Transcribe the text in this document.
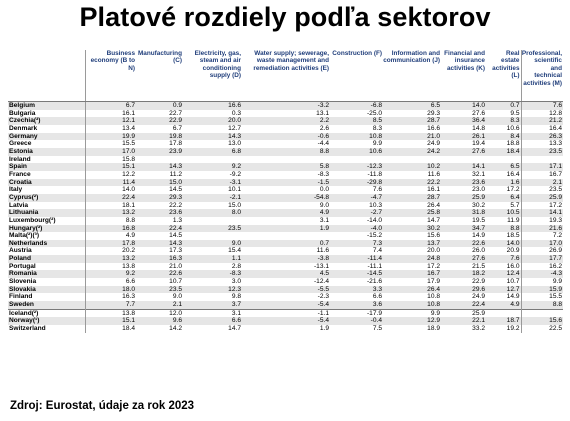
Platové rozdiely podľa sektorov
	Business economy (B to N)	Manufacturing (C)	Electricity, gas, steam and air conditioning supply (D)	Water supply; sewerage, waste management and remediation activities (E)	Construction (F)	Information and communication (J)	Financial and insurance activities (K)	Real estate activities (L)	Professional, scientific and technical activities (M)
Belgium	6.7	0.9	16.6	-3.2	-6.8	6.5	14.0	0.7	7.6
Bulgaria	16.1	22.7	0.3	13.1	-25.0	29.3	27.6	9.5	12.8
Czechia(²)	12.1	22.9	20.0	2.2	8.5	28.7	36.4	8.3	21.2
Denmark	13.4	6.7	12.7	2.6	8.3	16.6	14.8	10.6	16.4
Germany	19.9	19.8	14.3	-0.6	10.8	21.0	26.1	8.4	26.3
Greece	15.5	17.8	13.0	-4.4	9.9	24.9	19.4	18.8	13.3
Estonia	17.0	23.9	6.8	8.8	10.6	24.2	27.6	18.4	23.5
Ireland	15.8								
Spain	15.1	14.3	9.2	5.8	-12.3	10.2	14.1	6.5	17.1
France	12.2	11.2	-9.2	-8.3	-11.8	11.6	32.1	16.4	16.7
Croatia	11.4	15.0	-3.1	-1.5	-29.8	22.2	23.6	1.6	2.1
Italy	14.0	14.5	10.1	0.0	7.6	16.1	23.0	17.2	23.5
Cyprus(²)	22.4	29.3	-2.1	-54.8	-4.7	28.7	25.9	6.4	25.9
Latvia	18.1	22.2	15.0	9.0	10.3	26.4	30.2	5.7	17.2
Lithuania	13.2	23.6	8.0	4.9	-2.7	25.8	31.8	10.5	14.1
Luxembourg(²)	8.8	1.3		3.1	-14.0	14.7	19.5	11.9	19.3
Hungary(²)	16.8	22.4	23.5	1.9	-4.0	30.2	34.7	8.8	21.6
Malta(²)(³)	4.9	14.5			-15.2	15.6	14.9	18.5	7.2
Netherlands	17.8	14.3	9.0	0.7	7.3	13.7	22.6	14.0	17.0
Austria	20.2	17.3	15.4	11.6	7.4	20.0	26.0	20.9	26.9
Poland	13.2	16.3	1.1	-3.8	-11.4	24.8	27.6	7.6	17.7
Portugal	13.8	21.0	2.8	-13.1	-11.1	17.2	21.5	16.0	16.2
Romania	9.2	22.6	-8.3	4.5	-14.5	16.7	18.2	12.4	-4.3
Slovenia	6.6	10.7	3.0	-12.4	-21.6	17.9	22.9	10.7	9.9
Slovakia	18.0	23.5	12.3	-5.5	3.3	26.4	29.6	12.7	15.9
Finland	16.3	9.0	9.8	-2.3	6.6	10.8	24.9	14.9	15.5
Sweden	7.7	2.1	3.7	-5.4	3.6	10.8	22.4	4.9	8.8
Iceland(²)	13.8	12.0	3.1	-1.1	-17.9	9.9	25.9		
Norway(¹)	15.1	9.6	6.6	-5.4	-0.4	12.9	22.1	18.7	15.6
Switzerland	18.4	14.2	14.7	1.9	7.5	18.9	33.2	19.2	22.5
Zdroj: Eurostat, údaje za rok 2023
